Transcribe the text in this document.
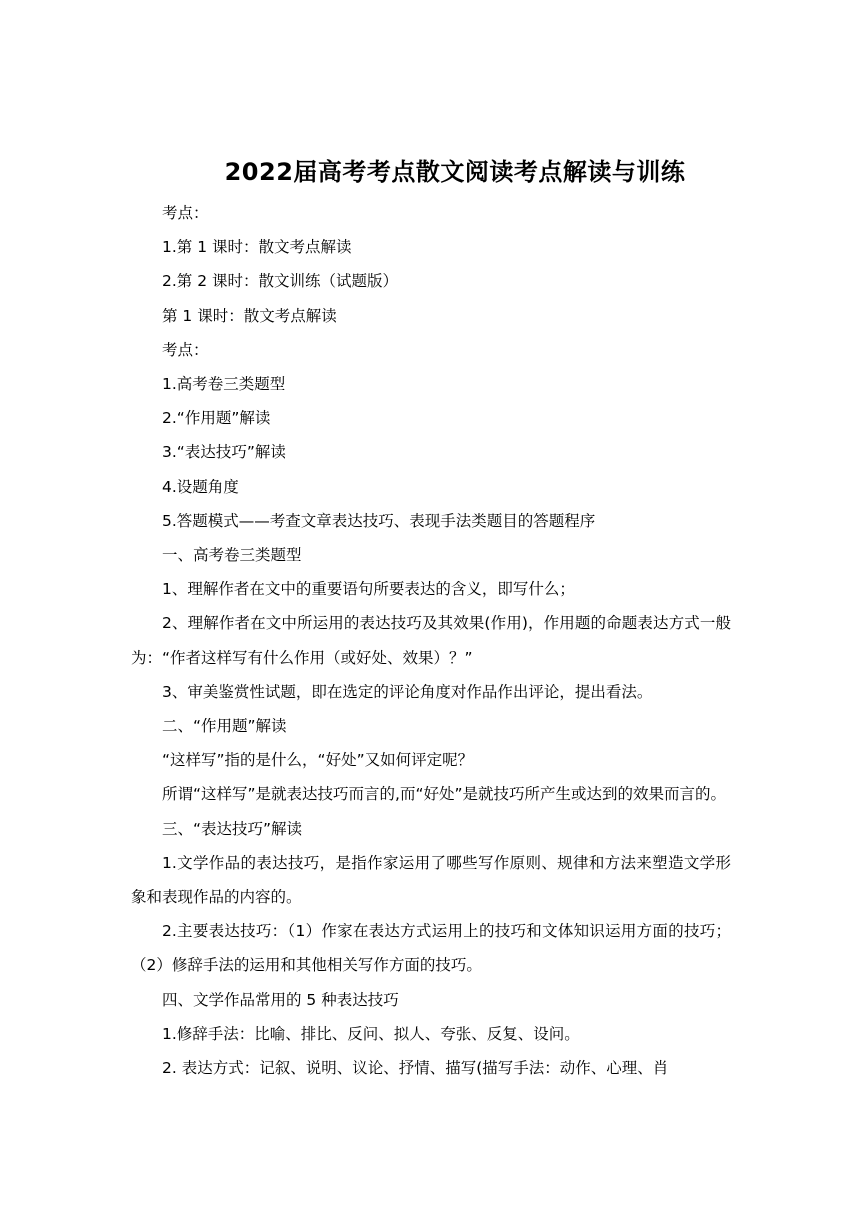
2022届高考考点散文阅读考点解读与训练

考点：

1.第 1 课时：散文考点解读

2.第 2 课时：散文训练（试题版）

第 1 课时：散文考点解读

考点：

1.高考卷三类题型

2.“作用题”解读

3.“表达技巧”解读

4.设题角度

5.答题模式——考查文章表达技巧、表现手法类题目的答题程序

一、高考卷三类题型

1、理解作者在文中的重要语句所要表达的含义，即写什么；

2、理解作者在文中所运用的表达技巧及其效果(作用)，作用题的命题表达方式一般为：“作者这样写有什么作用（或好处、效果）？”

3、审美鉴赏性试题，即在选定的评论角度对作品作出评论，提出看法。

二、“作用题”解读

“这样写”指的是什么，“好处”又如何评定呢？

所谓“这样写”是就表达技巧而言的,而“好处”是就技巧所产生或达到的效果而言的。

三、“表达技巧”解读

1.文学作品的表达技巧，是指作家运用了哪些写作原则、规律和方法来塑造文学形象和表现作品的内容的。

2.主要表达技巧：（1）作家在表达方式运用上的技巧和文体知识运用方面的技巧；（2）修辞手法的运用和其他相关写作方面的技巧。

四、文学作品常用的 5 种表达技巧

1.修辞手法：比喻、排比、反问、拟人、夸张、反复、设问。

2. 表达方式：记叙、说明、议论、抒情、描写(描写手法：动作、心理、肖
